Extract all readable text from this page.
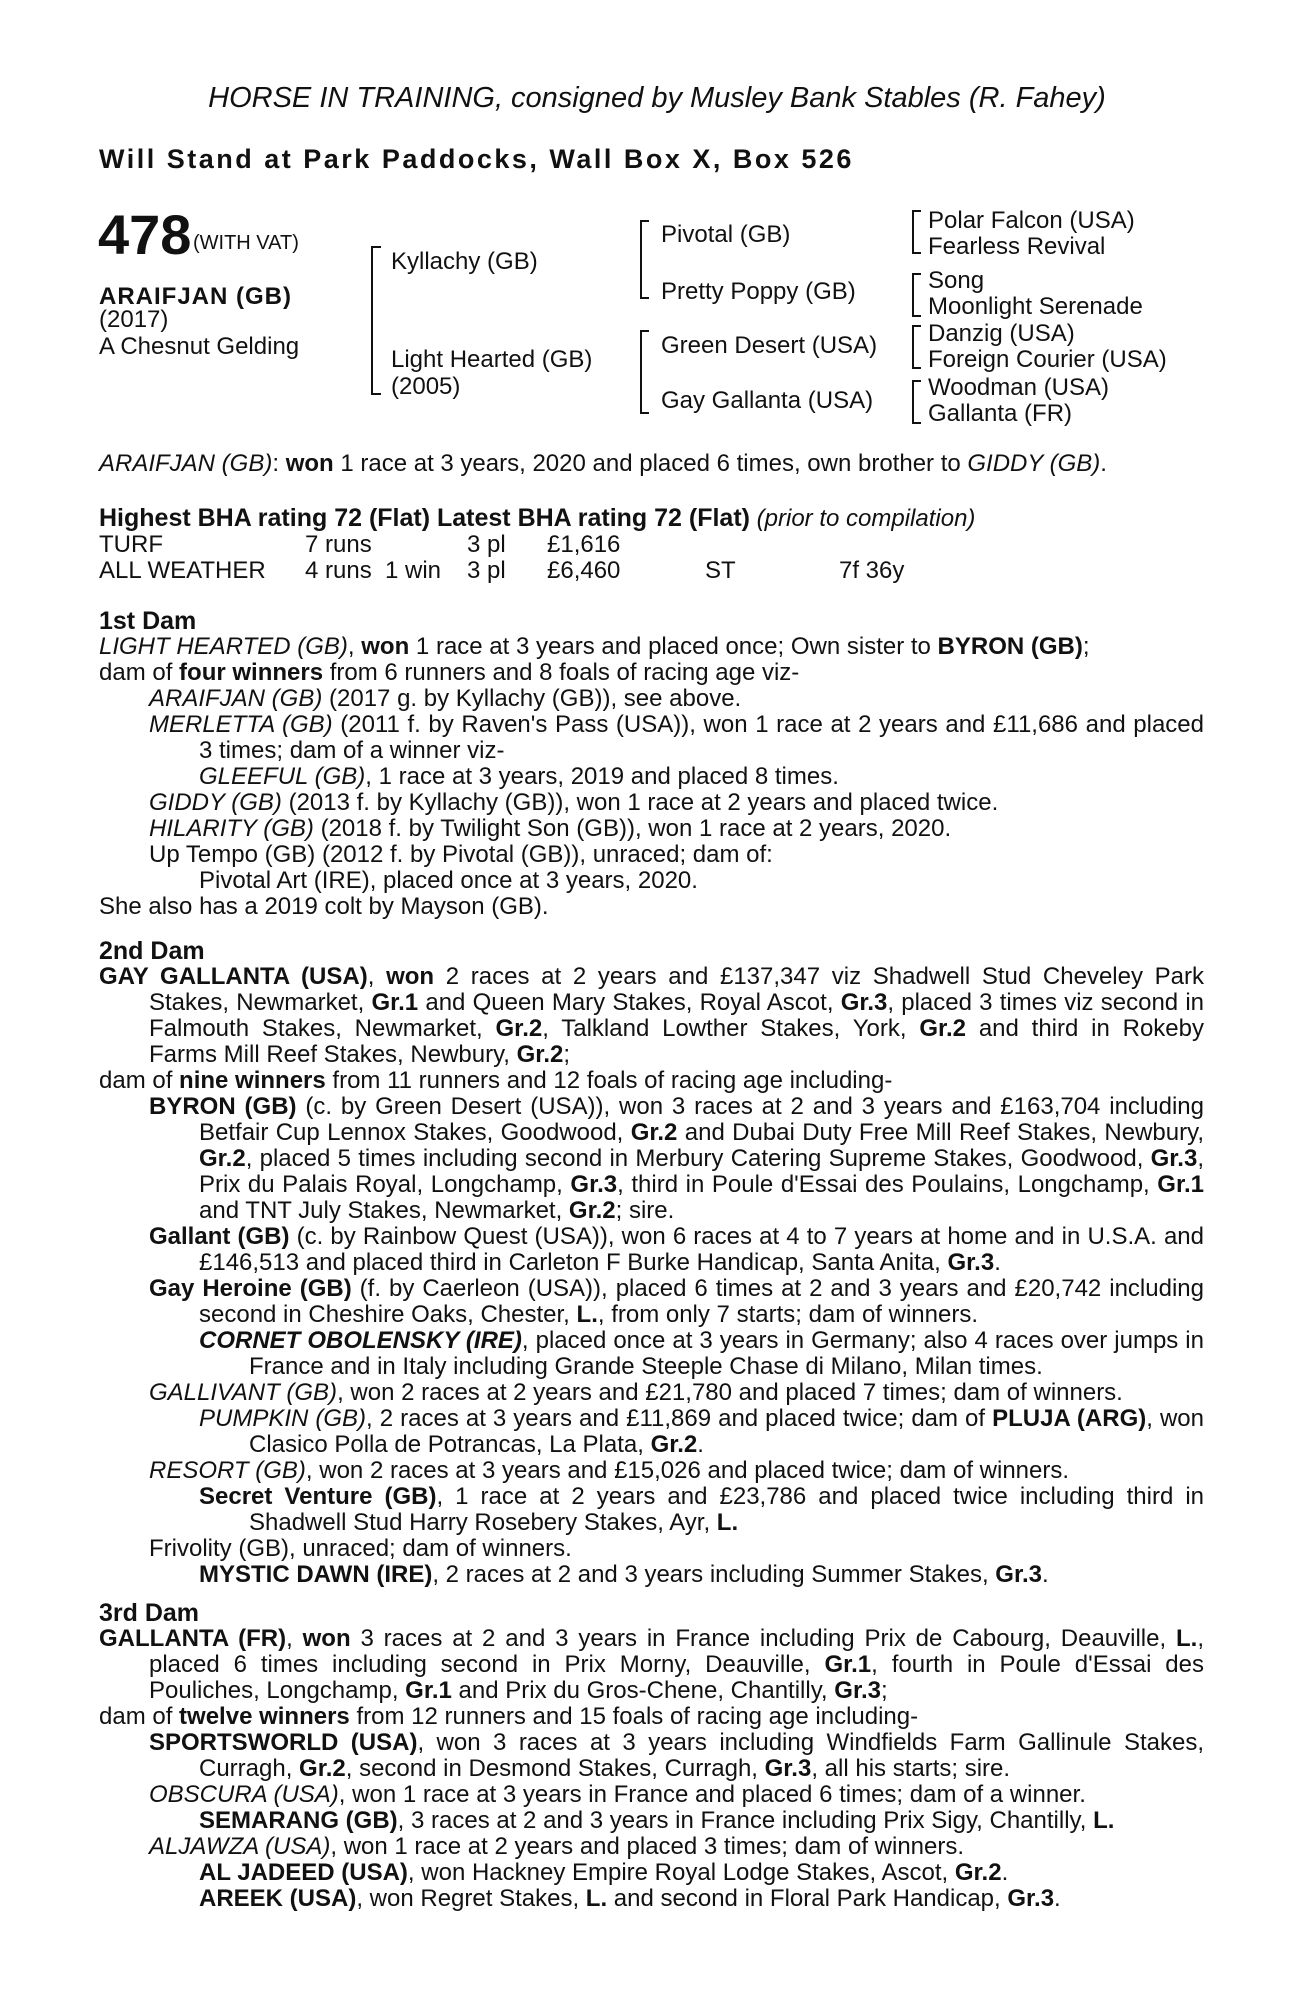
HORSE IN TRAINING, consigned by Musley Bank Stables (R. Fahey)
Will Stand at Park Paddocks, Wall Box X, Box 526
478 (WITH VAT)
ARAIFJAN (GB)
(2017)
A Chesnut Gelding
Kyllachy (GB)
Light Hearted (GB)
(2005)
Pivotal (GB)
Pretty Poppy (GB)
Green Desert (USA)
Gay Gallanta (USA)
Polar Falcon (USA)
Fearless Revival
Song
Moonlight Serenade
Danzig (USA)
Foreign Courier (USA)
Woodman (USA)
Gallanta (FR)

ARAIFJAN (GB): won 1 race at 3 years, 2020 and placed 6 times, own brother to GIDDY (GB).

Highest BHA rating 72 (Flat) Latest BHA rating 72 (Flat) (prior to compilation)

TURF	7 runs		3 pl	£1,616		
ALL WEATHER	4 runs	1 win	3 pl	£6,460	ST	7f 36y

1st Dam

LIGHT HEARTED (GB), won 1 race at 3 years and placed once; Own sister to BYRON (GB);

dam of four winners from 6 runners and 8 foals of racing age viz-

ARAIFJAN (GB) (2017 g. by Kyllachy (GB)), see above.

MERLETTA (GB) (2011 f. by Raven's Pass (USA)), won 1 race at 2 years and £11,686 and placed 3 times; dam of a winner viz-

GLEEFUL (GB), 1 race at 3 years, 2019 and placed 8 times.

GIDDY (GB) (2013 f. by Kyllachy (GB)), won 1 race at 2 years and placed twice.

HILARITY (GB) (2018 f. by Twilight Son (GB)), won 1 race at 2 years, 2020.

Up Tempo (GB) (2012 f. by Pivotal (GB)), unraced; dam of:

Pivotal Art (IRE), placed once at 3 years, 2020.

She also has a 2019 colt by Mayson (GB).

2nd Dam

GAY GALLANTA (USA), won 2 races at 2 years and £137,347 viz Shadwell Stud Cheveley Park Stakes, Newmarket, Gr.1 and Queen Mary Stakes, Royal Ascot, Gr.3, placed 3 times viz second in Falmouth Stakes, Newmarket, Gr.2, Talkland Lowther Stakes, York, Gr.2 and third in Rokeby Farms Mill Reef Stakes, Newbury, Gr.2;

dam of nine winners from 11 runners and 12 foals of racing age including-

BYRON (GB) (c. by Green Desert (USA)), won 3 races at 2 and 3 years and £163,704 including Betfair Cup Lennox Stakes, Goodwood, Gr.2 and Dubai Duty Free Mill Reef Stakes, Newbury, Gr.2, placed 5 times including second in Merbury Catering Supreme Stakes, Goodwood, Gr.3, Prix du Palais Royal, Longchamp, Gr.3, third in Poule d'Essai des Poulains, Longchamp, Gr.1 and TNT July Stakes, Newmarket, Gr.2; sire.

Gallant (GB) (c. by Rainbow Quest (USA)), won 6 races at 4 to 7 years at home and in U.S.A. and £146,513 and placed third in Carleton F Burke Handicap, Santa Anita, Gr.3.

Gay Heroine (GB) (f. by Caerleon (USA)), placed 6 times at 2 and 3 years and £20,742 including second in Cheshire Oaks, Chester, L., from only 7 starts; dam of winners.

CORNET OBOLENSKY (IRE), placed once at 3 years in Germany; also 4 races over jumps in France and in Italy including Grande Steeple Chase di Milano, Milan times.

GALLIVANT (GB), won 2 races at 2 years and £21,780 and placed 7 times; dam of winners.

PUMPKIN (GB), 2 races at 3 years and £11,869 and placed twice; dam of PLUJA (ARG), won Clasico Polla de Potrancas, La Plata, Gr.2.

RESORT (GB), won 2 races at 3 years and £15,026 and placed twice; dam of winners.

Secret Venture (GB), 1 race at 2 years and £23,786 and placed twice including third in Shadwell Stud Harry Rosebery Stakes, Ayr, L.

Frivolity (GB), unraced; dam of winners.

MYSTIC DAWN (IRE), 2 races at 2 and 3 years including Summer Stakes, Gr.3.

3rd Dam

GALLANTA (FR), won 3 races at 2 and 3 years in France including Prix de Cabourg, Deauville, L., placed 6 times including second in Prix Morny, Deauville, Gr.1, fourth in Poule d'Essai des Pouliches, Longchamp, Gr.1 and Prix du Gros-Chene, Chantilly, Gr.3;

dam of twelve winners from 12 runners and 15 foals of racing age including-

SPORTSWORLD (USA), won 3 races at 3 years including Windfields Farm Gallinule Stakes, Curragh, Gr.2, second in Desmond Stakes, Curragh, Gr.3, all his starts; sire.

OBSCURA (USA), won 1 race at 3 years in France and placed 6 times; dam of a winner.

SEMARANG (GB), 3 races at 2 and 3 years in France including Prix Sigy, Chantilly, L.

ALJAWZA (USA), won 1 race at 2 years and placed 3 times; dam of winners.

AL JADEED (USA), won Hackney Empire Royal Lodge Stakes, Ascot, Gr.2.

AREEK (USA), won Regret Stakes, L. and second in Floral Park Handicap, Gr.3.
